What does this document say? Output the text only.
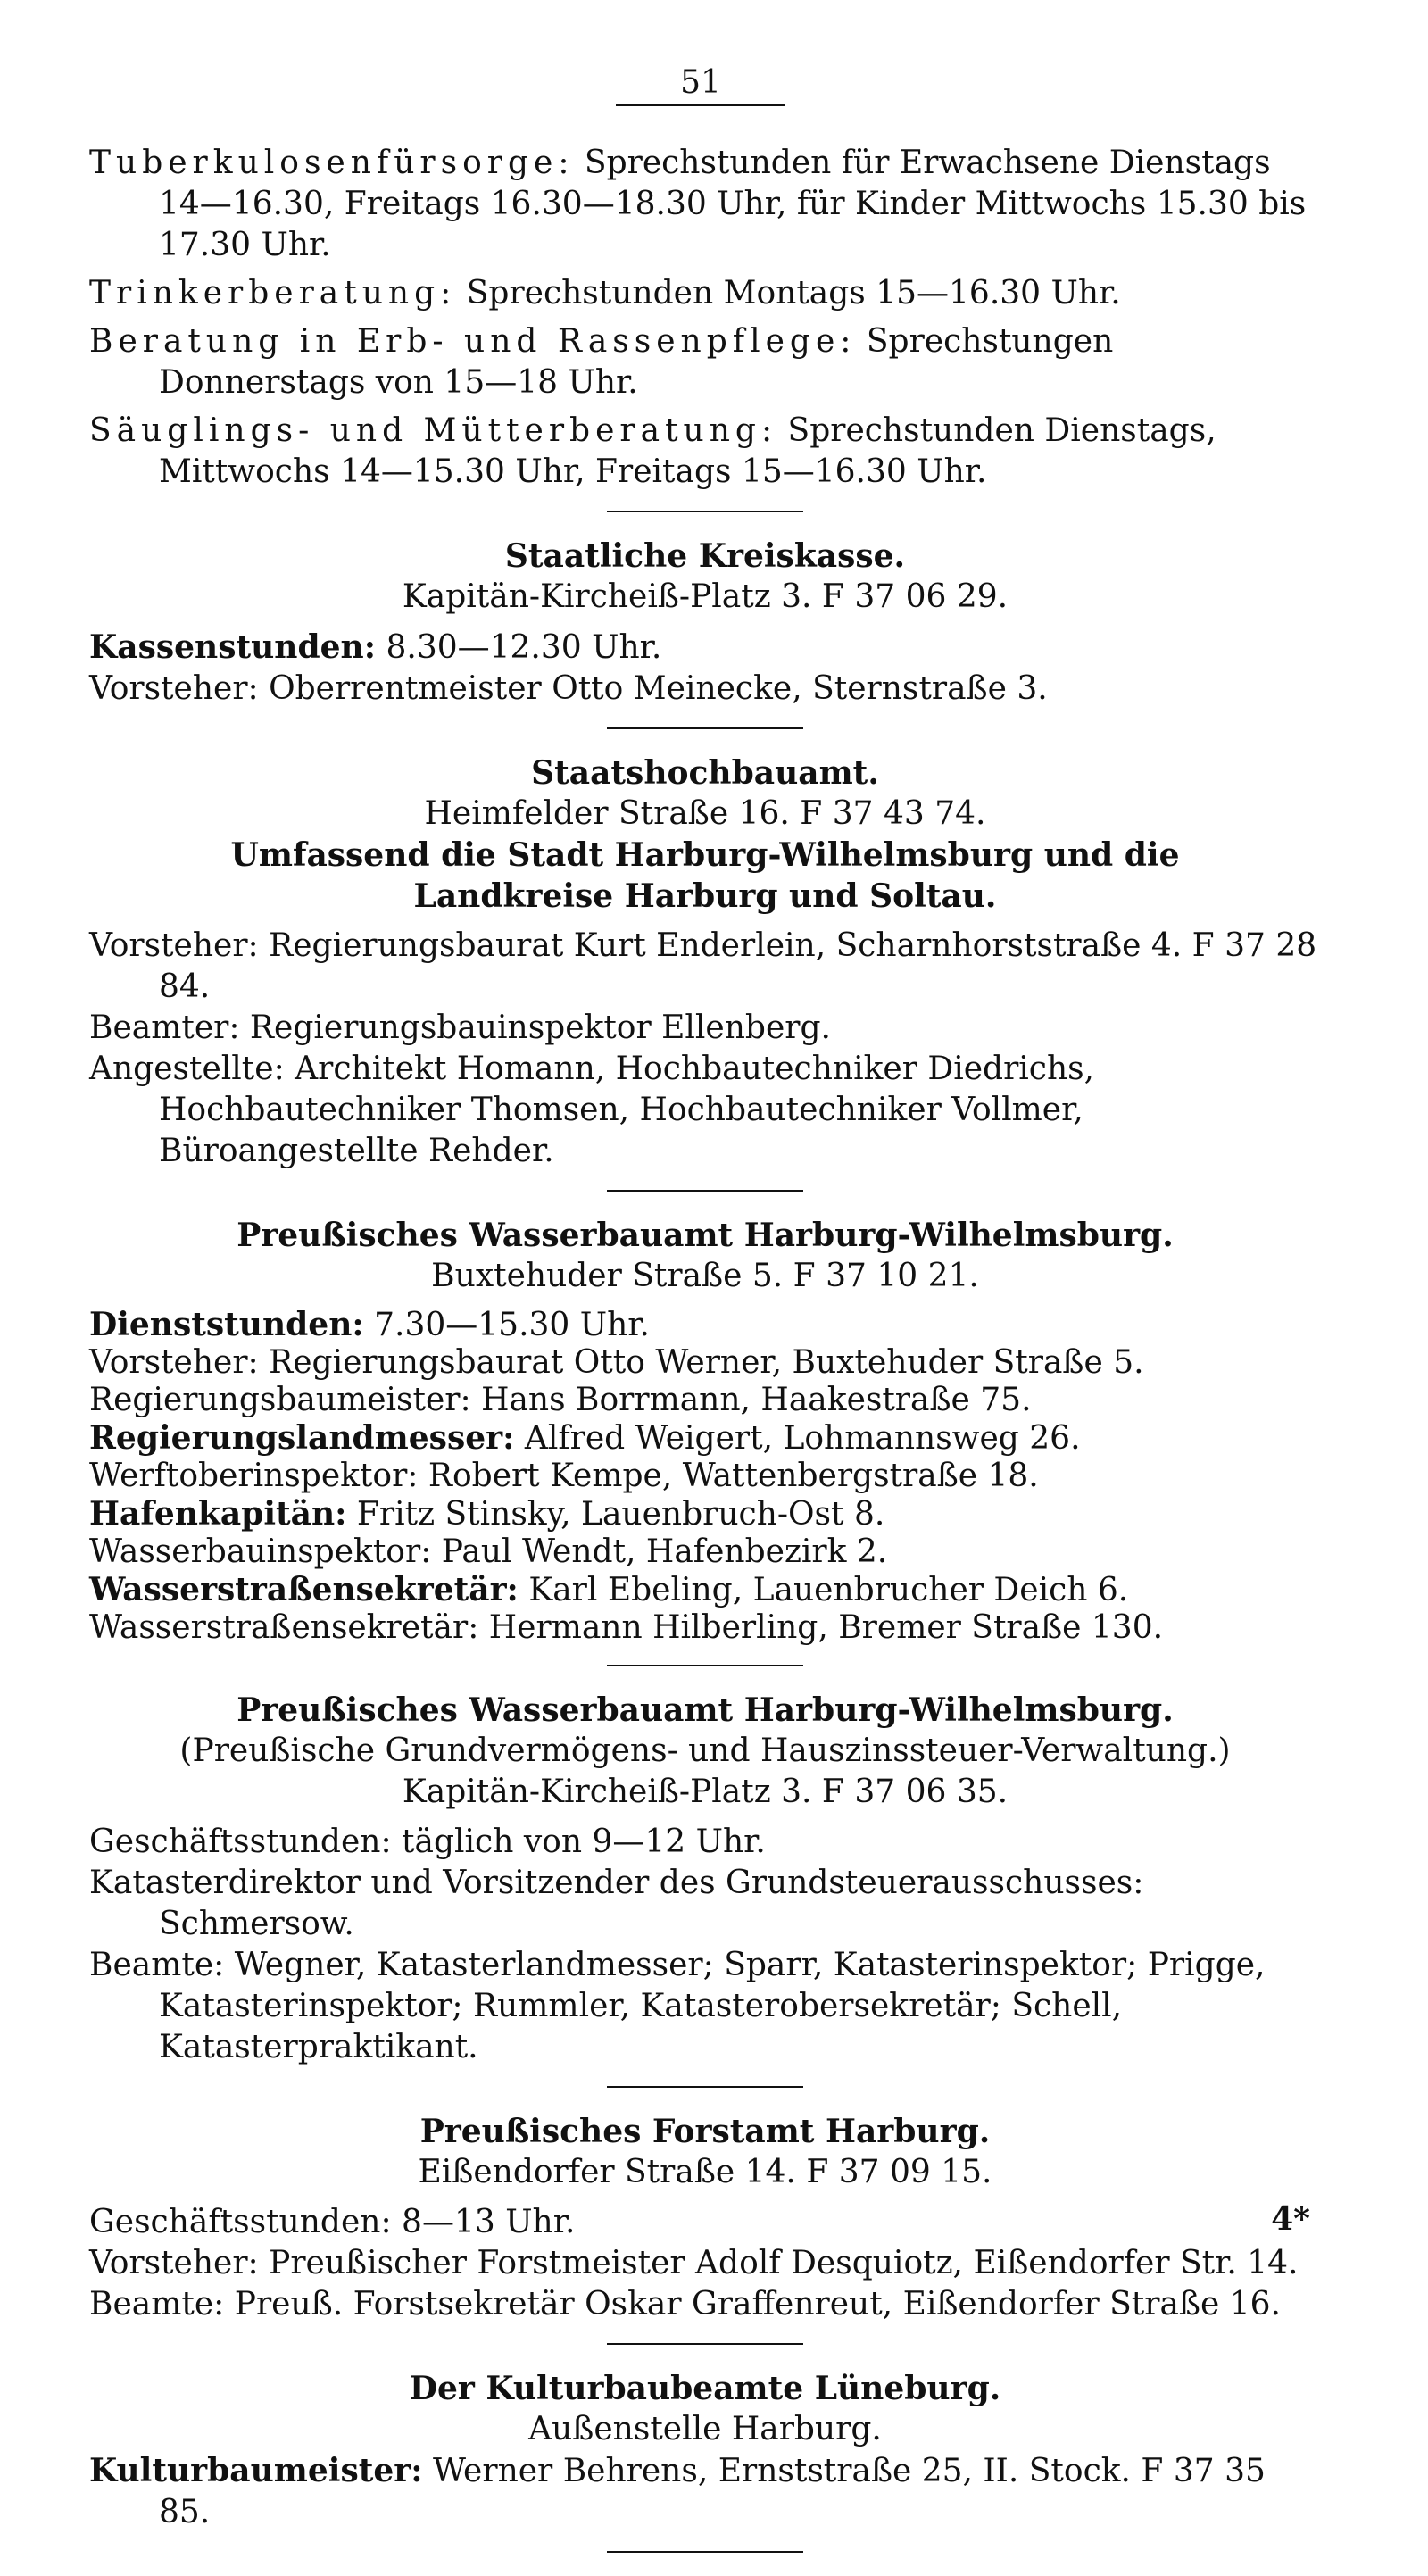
51

Tuberkulosenfürsorge: Sprechstunden für Erwachsene Dienstags 14—16.30, Freitags 16.30—18.30 Uhr, für Kinder Mittwochs 15.30 bis 17.30 Uhr.

Trinkerberatung: Sprechstunden Montags 15—16.30 Uhr.

Beratung in Erb- und Rassenpflege: Sprechstungen Donnerstags von 15—18 Uhr.

Säuglings- und Mütterberatung: Sprechstunden Dienstags, Mittwochs 14—15.30 Uhr, Freitags 15—16.30 Uhr.

Staatliche Kreiskasse.

Kapitän-Kircheiß-Platz 3. F 37 06 29.

Kassenstunden: 8.30—12.30 Uhr.

Vorsteher: Oberrentmeister Otto Meinecke, Sternstraße 3.

Staatshochbauamt.

Heimfelder Straße 16. F 37 43 74.

Umfassend die Stadt Harburg-Wilhelmsburg und die Landkreise Harburg und Soltau.

Vorsteher: Regierungsbaurat Kurt Enderlein, Scharnhorststraße 4. F 37 28 84.

Beamter: Regierungsbauinspektor Ellenberg.

Angestellte: Architekt Homann, Hochbautechniker Diedrichs, Hochbautechniker Thomsen, Hochbautechniker Vollmer, Büroangestellte Rehder.

Preußisches Wasserbauamt Harburg-Wilhelmsburg.

Buxtehuder Straße 5. F 37 10 21.

Dienststunden: 7.30—15.30 Uhr.

Vorsteher: Regierungsbaurat Otto Werner, Buxtehuder Straße 5.

Regierungsbaumeister: Hans Borrmann, Haakestraße 75.

Regierungslandmesser: Alfred Weigert, Lohmannsweg 26.

Werftoberinspektor: Robert Kempe, Wattenbergstraße 18.

Hafenkapitän: Fritz Stinsky, Lauenbruch-Ost 8.

Wasserbauinspektor: Paul Wendt, Hafenbezirk 2.

Wasserstraßensekretär: Karl Ebeling, Lauenbrucher Deich 6.

Wasserstraßensekretär: Hermann Hilberling, Bremer Straße 130.

Preußisches Wasserbauamt Harburg-Wilhelmsburg.

(Preußische Grundvermögens- und Hauszinssteuer-Verwaltung.)

Kapitän-Kircheiß-Platz 3. F 37 06 35.

Geschäftsstunden: täglich von 9—12 Uhr.

Katasterdirektor und Vorsitzender des Grundsteuerausschusses: Schmersow.

Beamte: Wegner, Katasterlandmesser; Sparr, Katasterinspektor; Prigge, Katasterinspektor; Rummler, Katasterobersekretär; Schell, Katasterpraktikant.

Preußisches Forstamt Harburg.

Eißendorfer Straße 14. F 37 09 15.

Geschäftsstunden: 8—13 Uhr.

Vorsteher: Preußischer Forstmeister Adolf Desquiotz, Eißendorfer Str. 14.

Beamte: Preuß. Forstsekretär Oskar Graffenreut, Eißendorfer Straße 16.

Der Kulturbaubeamte Lüneburg.

Außenstelle Harburg.

Kulturbaumeister: Werner Behrens, Ernststraße 25, II. Stock. F 37 35 85.

4*
